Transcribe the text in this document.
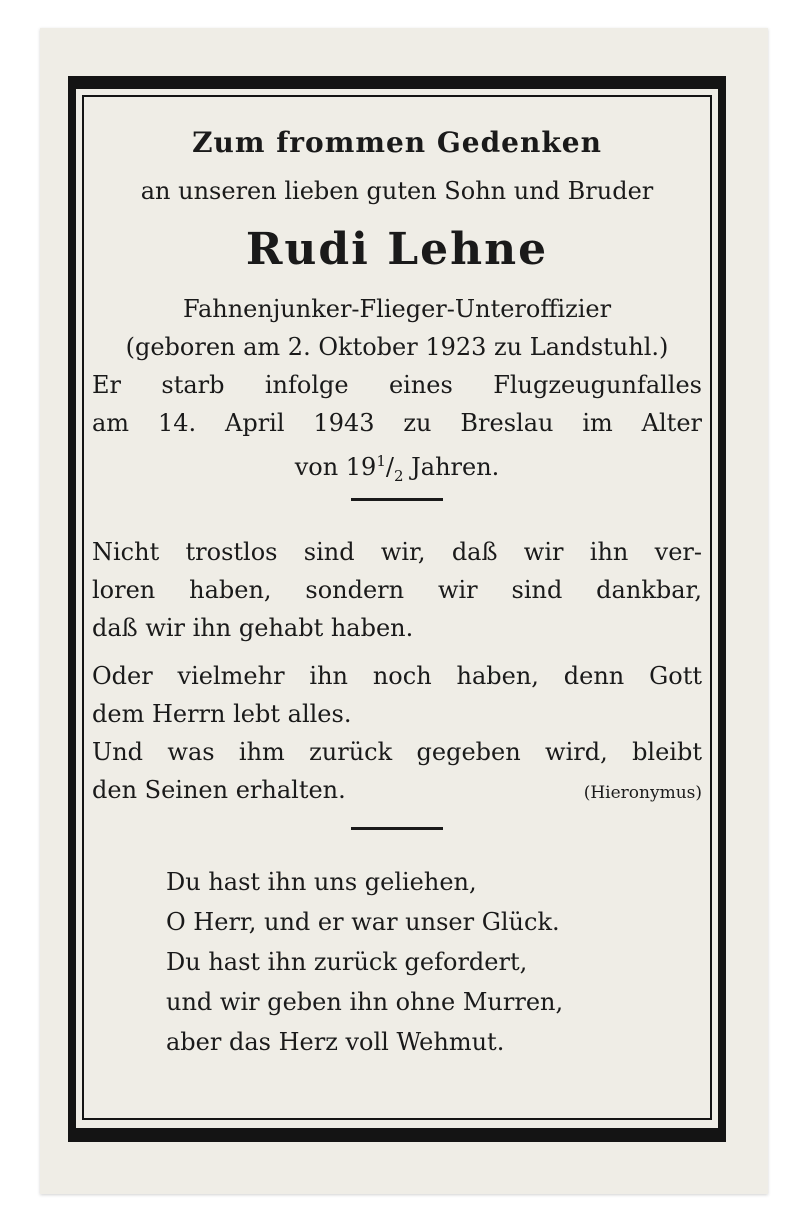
Zum frommen Gedenken
an unseren lieben guten Sohn und Bruder
Rudi Lehne
Fahnenjunker-Flieger-Unteroffizier
(geboren am 2. Oktober 1923 zu Landstuhl.)
Er starb infolge eines Flugzeugunfalles
am 14. April 1943 zu Breslau im Alter
von $19^1/_2$ Jahren.
Nicht trostlos sind wir, daß wir ihn ver-
loren haben, sondern wir sind dankbar,
daß wir ihn gehabt haben.
Oder vielmehr ihn noch haben, denn Gott
dem Herrn lebt alles.
Und was ihm zurück gegeben wird, bleibt
den Seinen erhalten.	(Hieronymus)
Du hast ihn uns geliehen,
O Herr, und er war unser Glück.
Du hast ihn zurück gefordert,
und wir geben ihn ohne Murren,
aber das Herz voll Wehmut.
